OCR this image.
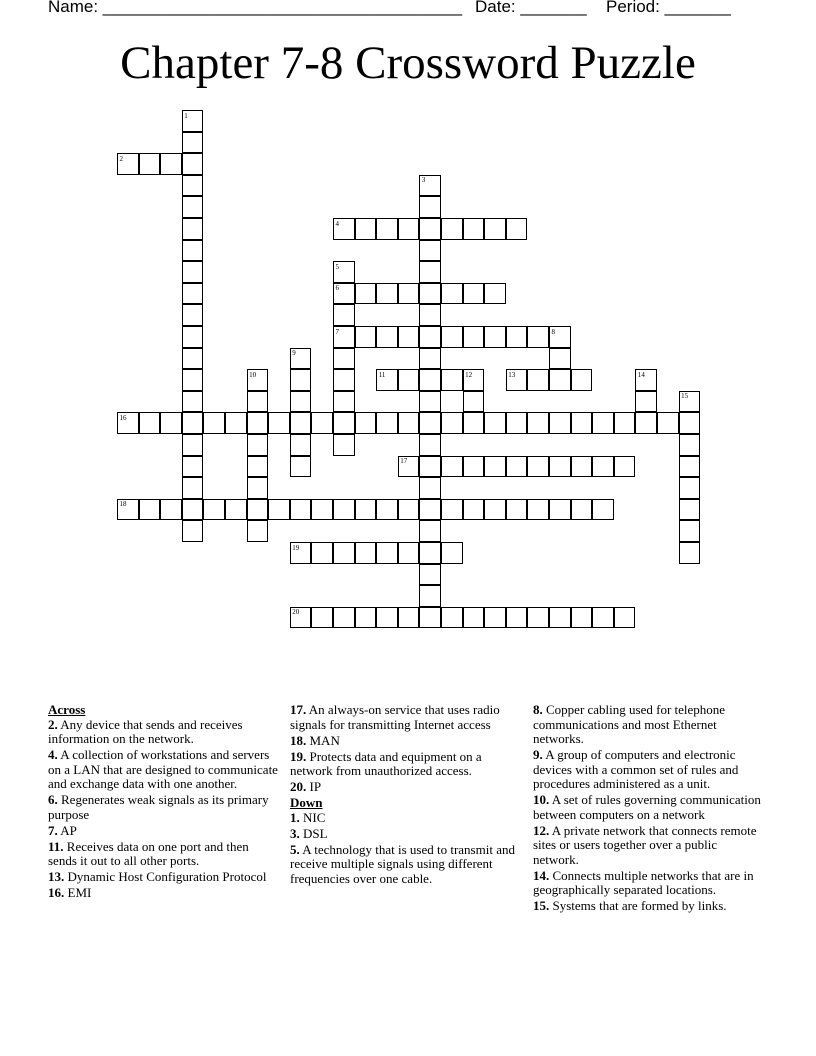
Name: ______________________________________ Date: _______ Period: _______
Chapter 7-8 Crossword Puzzle
1
2
3
4
5
6
7	8
9
10	11	12	13	14
15
16
17
18
19
20
Across
2. Any device that sends and receives information on the network.
4. A collection of workstations and servers on a LAN that are designed to communicate and exchange data with one another.
6. Regenerates weak signals as its primary purpose
7. AP
11. Receives data on one port and then sends it out to all other ports.
13. Dynamic Host Configuration Protocol
16. EMI
17. An always-on service that uses radio signals for transmitting Internet access
18. MAN
19. Protects data and equipment on a network from unauthorized access.
20. IP
Down
1. NIC
3. DSL
5. A technology that is used to transmit and receive multiple signals using different frequencies over one cable.
8. Copper cabling used for telephone communications and most Ethernet networks.
9. A group of computers and electronic devices with a common set of rules and procedures administered as a unit.
10. A set of rules governing communication between computers on a network
12. A private network that connects remote sites or users together over a public network.
14. Connects multiple networks that are in geographically separated locations.
15. Systems that are formed by links.
